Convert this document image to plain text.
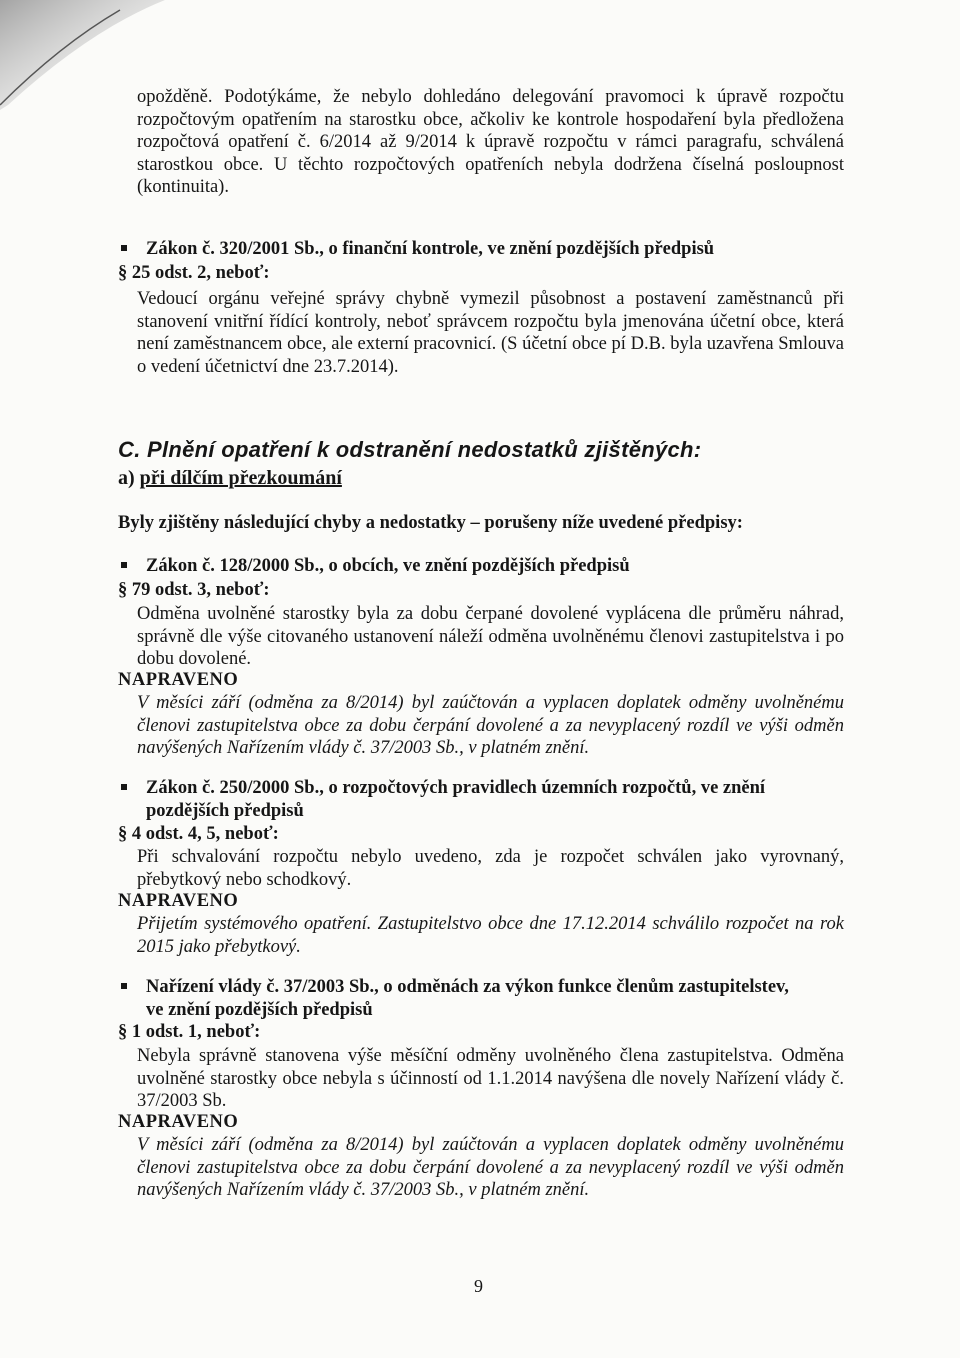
opožděně. Podotýkáme, že nebylo dohledáno delegování pravomoci k úpravě rozpočtu rozpočtovým opatřením na starostku obce, ačkoliv ke kontrole hospodaření byla předložena rozpočtová opatření č. 6/2014 až 9/2014 k úpravě rozpočtu v rámci paragrafu, schválená starostkou obce. U těchto rozpočtových opatřeních nebyla dodržena číselná posloupnost (kontinuita).
Zákon č. 320/2001 Sb., o finanční kontrole, ve znění pozdějších předpisů
§ 25 odst. 2, neboť:
Vedoucí orgánu veřejné správy chybně vymezil působnost a postavení zaměstnanců při stanovení vnitřní řídící kontroly, neboť správcem rozpočtu byla jmenována účetní obce, která není zaměstnancem obce, ale externí pracovnicí. (S účetní obce pí D.B. byla uzavřena Smlouva o vedení účetnictví dne 23.7.2014).
C. Plnění opatření k odstranění nedostatků zjištěných:
a) při dílčím přezkoumání
Byly zjištěny následující chyby a nedostatky – porušeny níže uvedené předpisy:
Zákon č. 128/2000 Sb., o obcích, ve znění pozdějších předpisů
§ 79 odst. 3, neboť:
Odměna uvolněné starostky byla za dobu čerpané dovolené vyplácena dle průměru náhrad, správně dle výše citovaného ustanovení náleží odměna uvolněnému členovi zastupitelstva i po dobu dovolené.
NAPRAVENO
V měsíci září (odměna za 8/2014) byl zaúčtován a vyplacen doplatek odměny uvolněnému členovi zastupitelstva obce za dobu čerpání dovolené a za nevyplacený rozdíl ve výši odměn navýšených Nařízením vlády č. 37/2003 Sb., v platném znění.
Zákon č. 250/2000 Sb., o rozpočtových pravidlech územních rozpočtů, ve znění
pozdějších předpisů
§ 4 odst. 4, 5, neboť:
Při schvalování rozpočtu nebylo uvedeno, zda je rozpočet schválen jako vyrovnaný, přebytkový nebo schodkový.
NAPRAVENO
Přijetím systémového opatření. Zastupitelstvo obce dne 17.12.2014 schválilo rozpočet na rok 2015 jako přebytkový.
Nařízení vlády č. 37/2003 Sb., o odměnách za výkon funkce členům zastupitelstev,
ve znění pozdějších předpisů
§ 1 odst. 1, neboť:
Nebyla správně stanovena výše měsíční odměny uvolněného člena zastupitelstva. Odměna uvolněné starostky obce nebyla s účinností od 1.1.2014 navýšena dle novely Nařízení vlády č. 37/2003 Sb.
NAPRAVENO
V měsíci září (odměna za 8/2014) byl zaúčtován a vyplacen doplatek odměny uvolněnému členovi zastupitelstva obce za dobu čerpání dovolené a za nevyplacený rozdíl ve výši odměn navýšených Nařízením vlády č. 37/2003 Sb., v platném znění.
9
